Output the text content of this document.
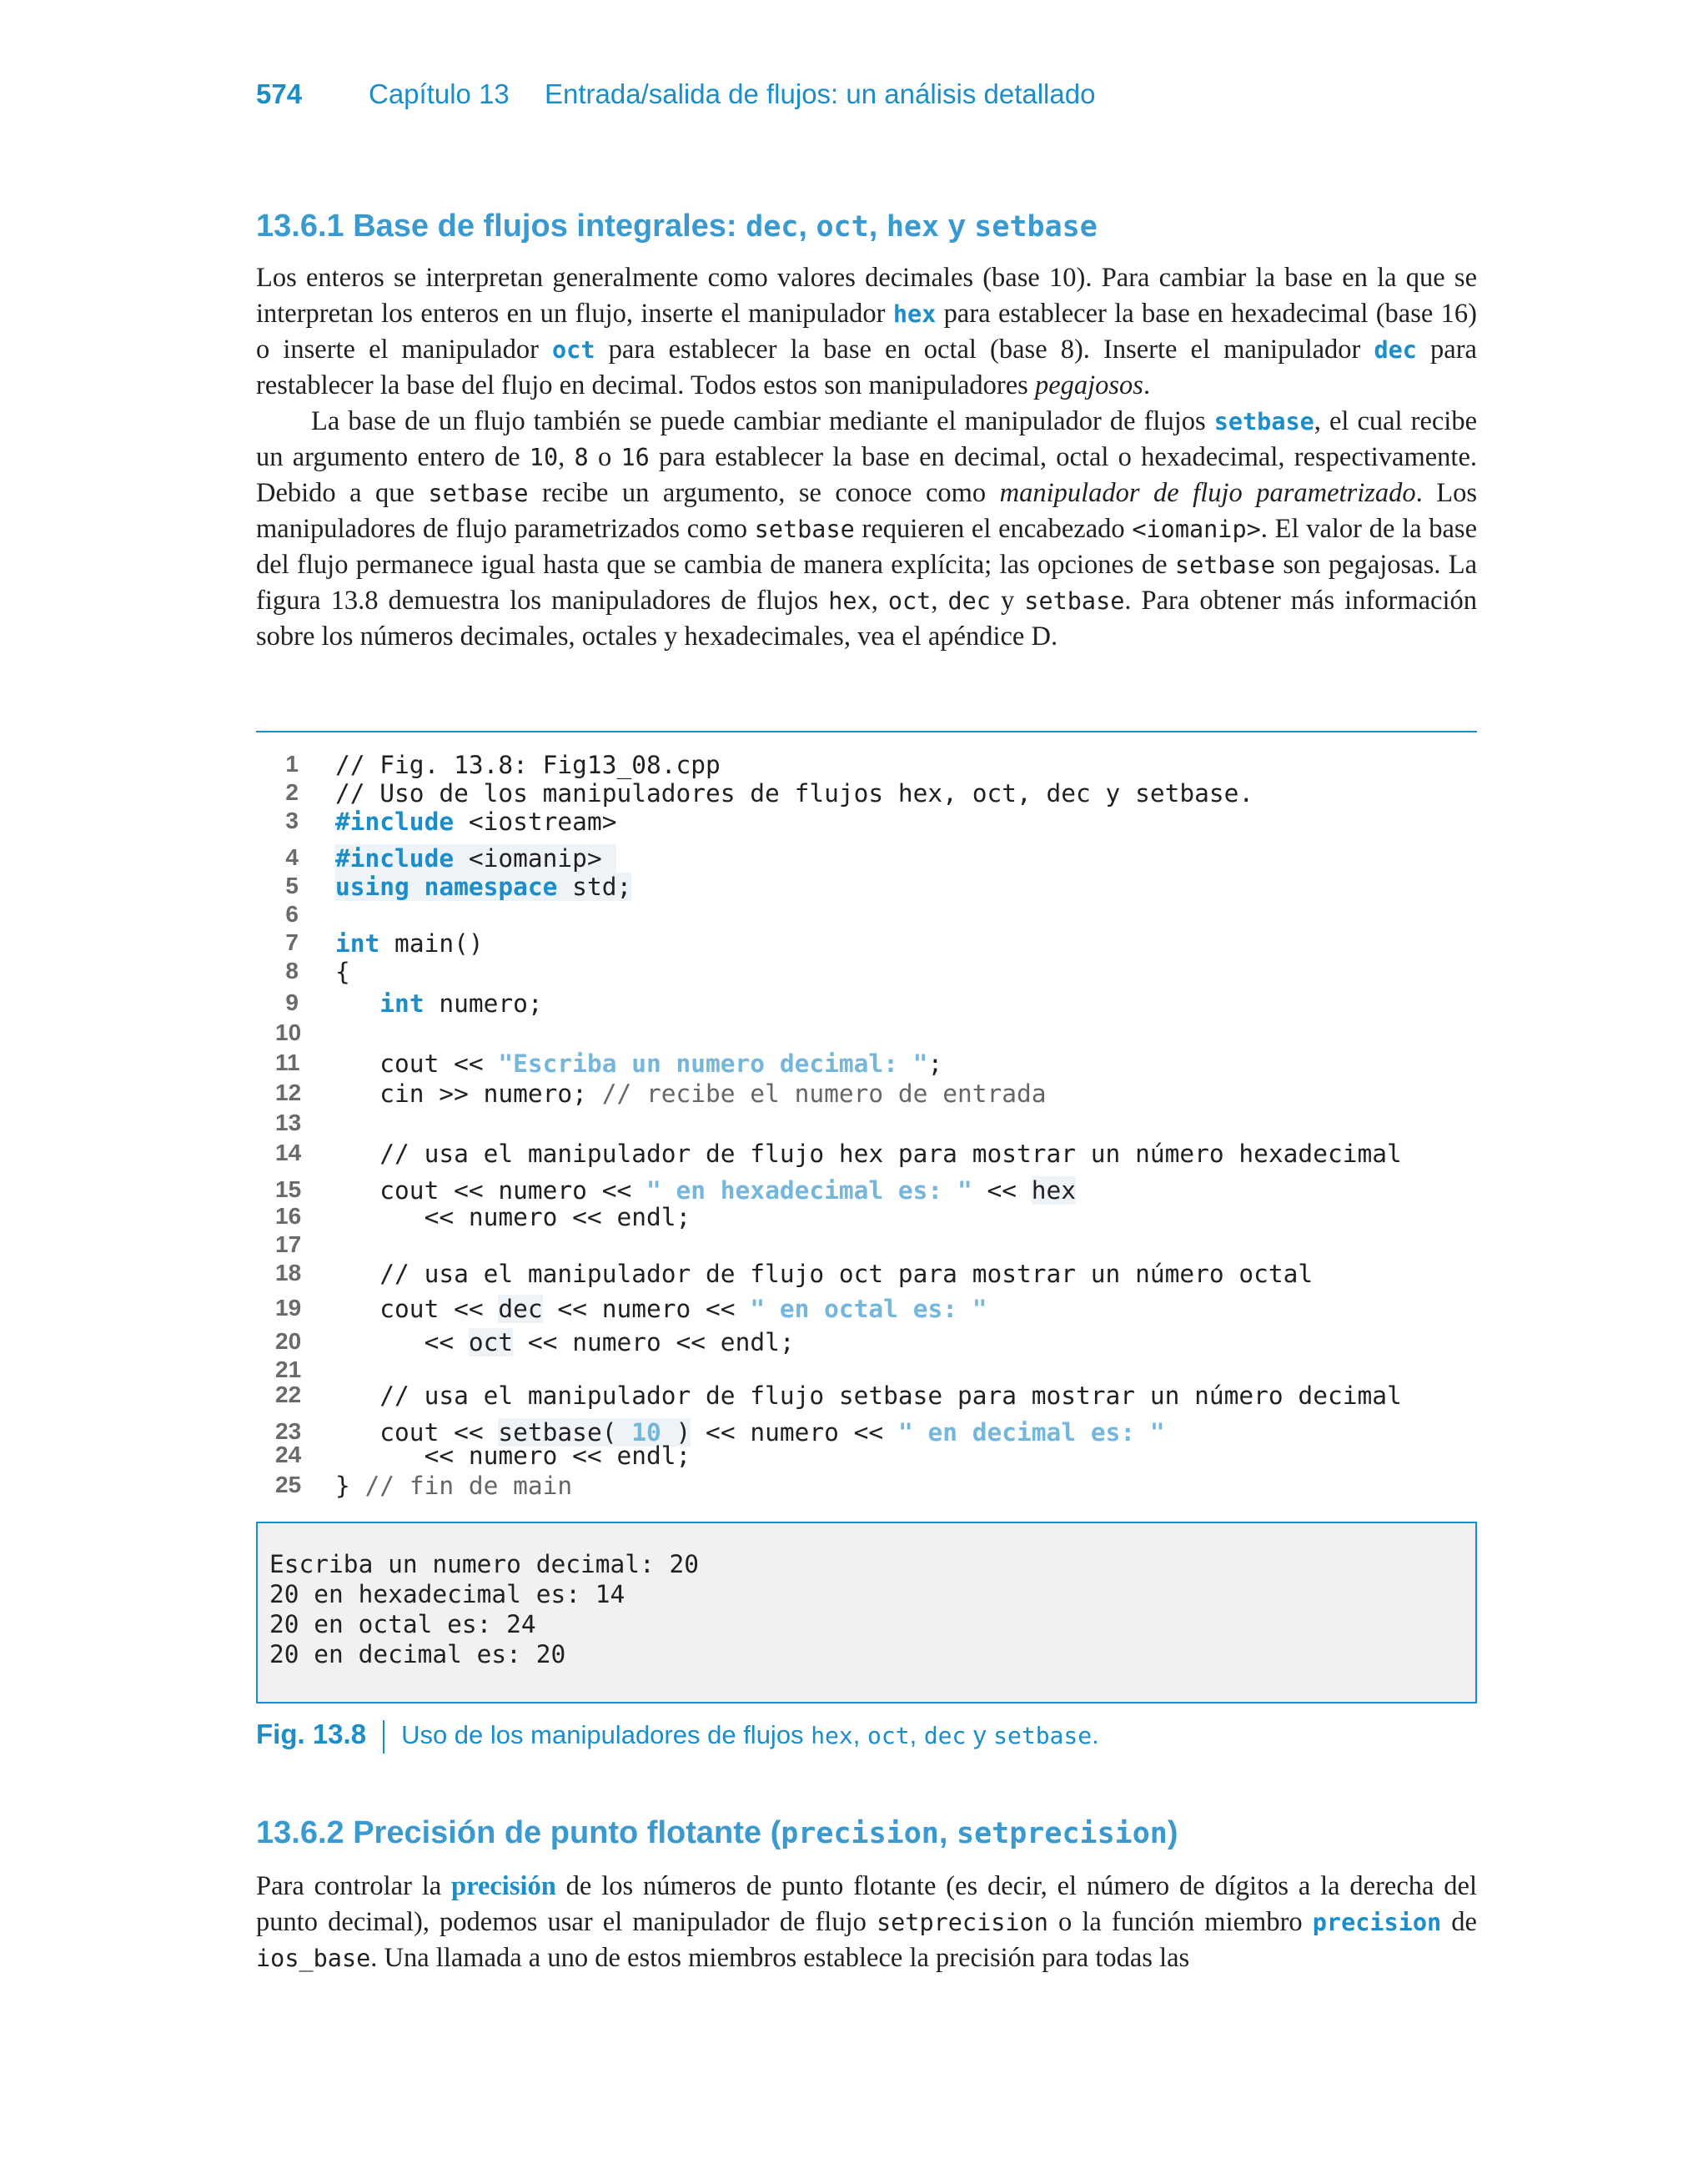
574 Capítulo 13 Entrada/salida de flujos: un análisis detallado
13.6.1 Base de flujos integrales: dec, oct, hex y setbase

Los enteros se interpretan generalmente como valores decimales (base 10). Para cambiar la base en la que se interpretan los enteros en un flujo, inserte el manipulador hex para establecer la base en hexadecimal (base 16) o inserte el manipulador oct para establecer la base en octal (base 8). Inserte el manipulador dec para restablecer la base del flujo en decimal. Todos estos son manipuladores pegajosos.

La base de un flujo también se puede cambiar mediante el manipulador de flujos setbase, el cual recibe un argumento entero de 10, 8 o 16 para establecer la base en decimal, octal o hexadecimal, respectivamente. Debido a que setbase recibe un argumento, se conoce como manipulador de flujo parametrizado. Los manipuladores de flujo parametrizados como setbase requieren el encabezado <iomanip>. El valor de la base del flujo permanece igual hasta que se cambia de manera explícita; las opciones de setbase son pegajosas. La figura 13.8 demuestra los manipuladores de flujos hex, oct, dec y setbase. Para obtener más información sobre los números decimales, octales y hexadecimales, vea el apéndice D.

1 // Fig. 13.8: Fig13_08.cpp
2 // Uso de los manipuladores de flujos hex, oct, dec y setbase.
3 #include <iostream>
4 #include <iomanip>
5 using namespace std;
6
7 int main()
8 {
9	int numero;
10
11 cout << "Escriba un numero decimal: ";
12 cin >> numero; // recibe el numero de entrada
13
14 // usa el manipulador de flujo hex para mostrar un número hexadecimal
15 cout << numero << " en hexadecimal es: " << hex
16 << numero << endl;
17
18 // usa el manipulador de flujo oct para mostrar un número octal
19 cout << dec << numero << " en octal es: "
20 << oct << numero << endl;
21
22 // usa el manipulador de flujo setbase para mostrar un número decimal
23 cout << setbase( 10 ) << numero << " en decimal es: "
24 << numero << endl;
25 } // fin de main
Escriba un numero decimal: 20
20 en hexadecimal es: 14
20 en octal es: 24
20 en decimal es: 20
Fig. 13.8 Uso de los manipuladores de flujos hex, oct, dec y setbase.
13.6.2 Precisión de punto flotante (precision, setprecision)

Para controlar la precisión de los números de punto flotante (es decir, el número de dígitos a la derecha del punto decimal), podemos usar el manipulador de flujo setprecision o la función miembro precision de ios_base. Una llamada a uno de estos miembros establece la precisión para todas las
